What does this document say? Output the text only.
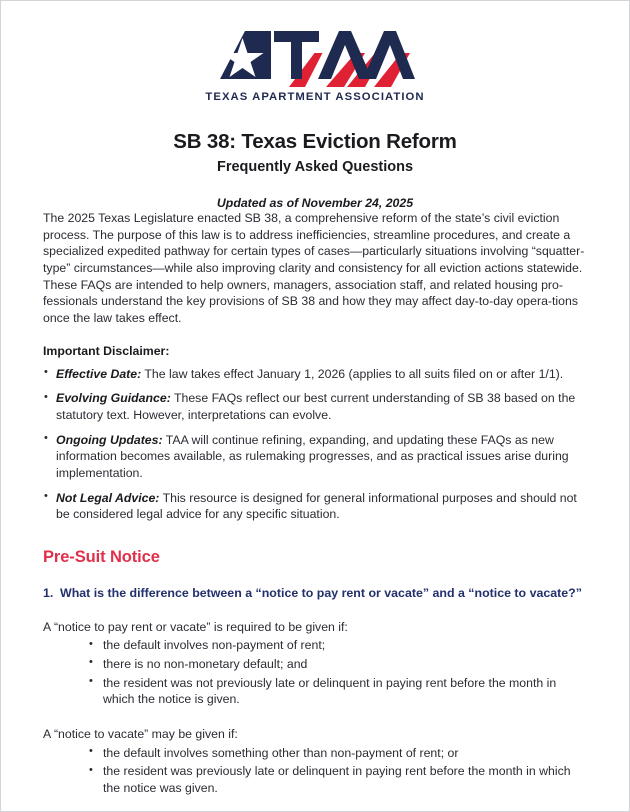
TEXAS APARTMENT ASSOCIATION
SB 38: Texas Eviction Reform
Frequently Asked Questions
Updated as of November 24, 2025

The 2025 Texas Legislature enacted SB 38, a comprehensive reform of the state’s civil eviction process. The purpose of this law is to address inefficiencies, streamline procedures, and create a specialized expedited pathway for certain types of cases—particularly situations involving “squatter-type” circumstances—while also improving clarity and consistency for all eviction actions statewide.

These FAQs are intended to help owners, managers, association staff, and related housing pro-fessionals understand the key provisions of SB 38 and how they may affect day-to-day opera-tions once the law takes effect.

Important Disclaimer:
• Effective Date: The law takes effect January 1, 2026 (applies to all suits filed on or after 1/1).
• Evolving Guidance: These FAQs reflect our best current understanding of SB 38 based on the statutory text. However, interpretations can evolve.
• Ongoing Updates: TAA will continue refining, expanding, and updating these FAQs as new information becomes available, as rulemaking progresses, and as practical issues arise during implementation.
• Not Legal Advice: This resource is designed for general informational purposes and should not be considered legal advice for any specific situation.
Pre-Suit Notice
1. What is the difference between a “notice to pay rent or vacate” and a “notice to vacate?”
A “notice to pay rent or vacate” is required to be given if:
• the default involves non-payment of rent;
• there is no non-monetary default; and
• the resident was not previously late or delinquent in paying rent before the month in which the notice is given.
A “notice to vacate” may be given if:
• the default involves something other than non-payment of rent; or
• the resident was previously late or delinquent in paying rent before the month in which the notice was given.
